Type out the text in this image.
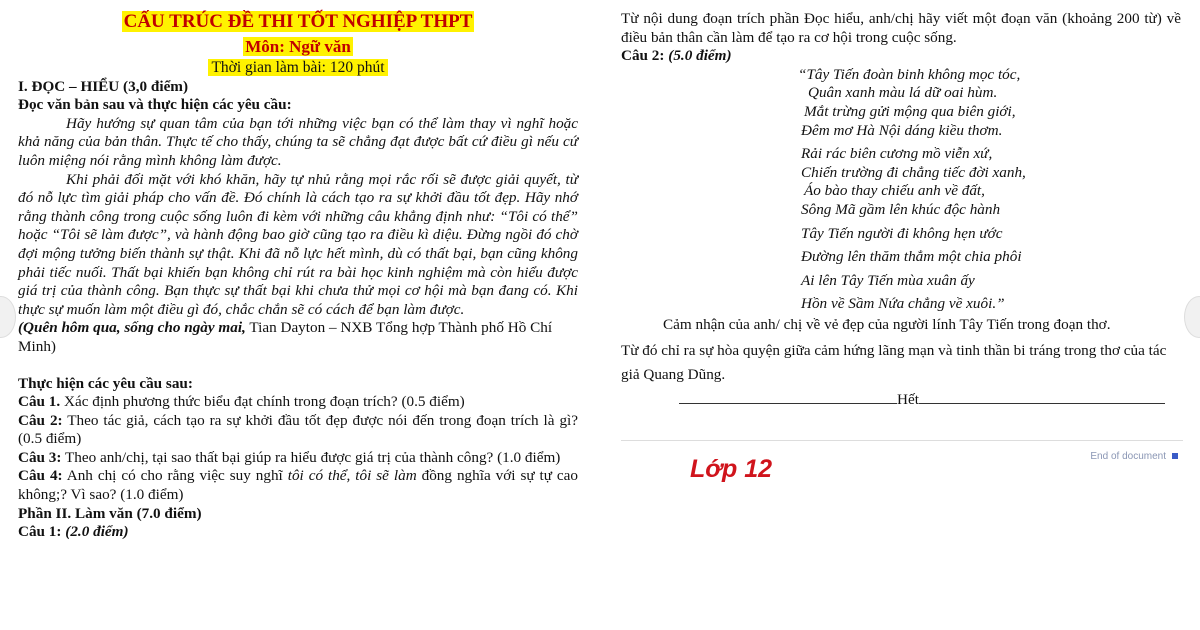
CẤU TRÚC ĐỀ THI TỐT NGHIỆP THPT
Môn: Ngữ văn
Thời gian làm bài: 120 phút

I. ĐỌC – HIỂU (3,0 điểm)

Đọc văn bản sau và thực hiện các yêu cầu:

Hãy hướng sự quan tâm của bạn tới những việc bạn có thể làm thay vì nghĩ hoặc khả năng của bản thân. Thực tế cho thấy, chúng ta sẽ chẳng đạt được bất cứ điều gì nếu cứ luôn miệng nói rằng mình không làm được.

Khi phải đối mặt với khó khăn, hãy tự nhủ rằng mọi rắc rối sẽ được giải quyết, từ đó nỗ lực tìm giải pháp cho vấn đề. Đó chính là cách tạo ra sự khởi đầu tốt đẹp. Hãy nhớ rằng thành công trong cuộc sống luôn đi kèm với những câu khẳng định như: “Tôi có thể” hoặc “Tôi sẽ làm được”, và hành động bao giờ cũng tạo ra điều kì diệu. Đừng ngồi đó chờ đợi mộng tưởng biến thành sự thật. Khi đã nỗ lực hết mình, dù có thất bại, bạn cũng không phải tiếc nuối. Thất bại khiến bạn không chỉ rút ra bài học kinh nghiệm mà còn hiểu được giá trị của thành công. Bạn thực sự thất bại khi chưa thử mọi cơ hội mà bạn đang có. Khi thực sự muốn làm một điều gì đó, chắc chắn sẽ có cách để bạn làm được.

(Quên hôm qua, sống cho ngày mai, Tian Dayton – NXB Tổng hợp Thành phố Hồ Chí Minh)

Thực hiện các yêu cầu sau:

Câu 1. Xác định phương thức biểu đạt chính trong đoạn trích? (0.5 điểm)

Câu 2: Theo tác giả, cách tạo ra sự khởi đầu tốt đẹp được nói đến trong đoạn trích là gì? (0.5 điểm)

Câu 3: Theo anh/chị, tại sao thất bại giúp ra hiểu được giá trị của thành công? (1.0 điểm)

Câu 4: Anh chị có cho rằng việc suy nghĩ tôi có thể, tôi sẽ làm đồng nghĩa với sự tự cao không;? Vì sao? (1.0 điểm)

Phần II. Làm văn (7.0 điểm)

Câu 1: (2.0 điểm)

Từ nội dung đoạn trích phần Đọc hiểu, anh/chị hãy viết một đoạn văn (khoảng 200 từ) về điều bản thân cần làm để tạo ra cơ hội trong cuộc sống.

Câu 2: (5.0 điểm)

“Tây Tiến đoàn binh không mọc tóc,
Quân xanh màu lá dữ oai hùm.
Mắt trừng gửi mộng qua biên giới,
Đêm mơ Hà Nội dáng kiều thơm.
Rải rác biên cương mồ viễn xứ,
Chiến trường đi chẳng tiếc đời xanh,
Áo bào thay chiếu anh về đất,
Sông Mã gầm lên khúc độc hành
Tây Tiến người đi không hẹn ước
Đường lên thăm thẳm một chia phôi
Ai lên Tây Tiến mùa xuân ấy
Hồn về Sầm Nứa chẳng về xuôi.”

Cảm nhận của anh/ chị về vẻ đẹp của người lính Tây Tiến trong đoạn thơ.

Từ đó chỉ ra sự hòa quyện giữa cảm hứng lãng mạn và tinh thần bi tráng trong thơ của tác giả Quang Dũng.

Hết
End of document
Lớp 12
